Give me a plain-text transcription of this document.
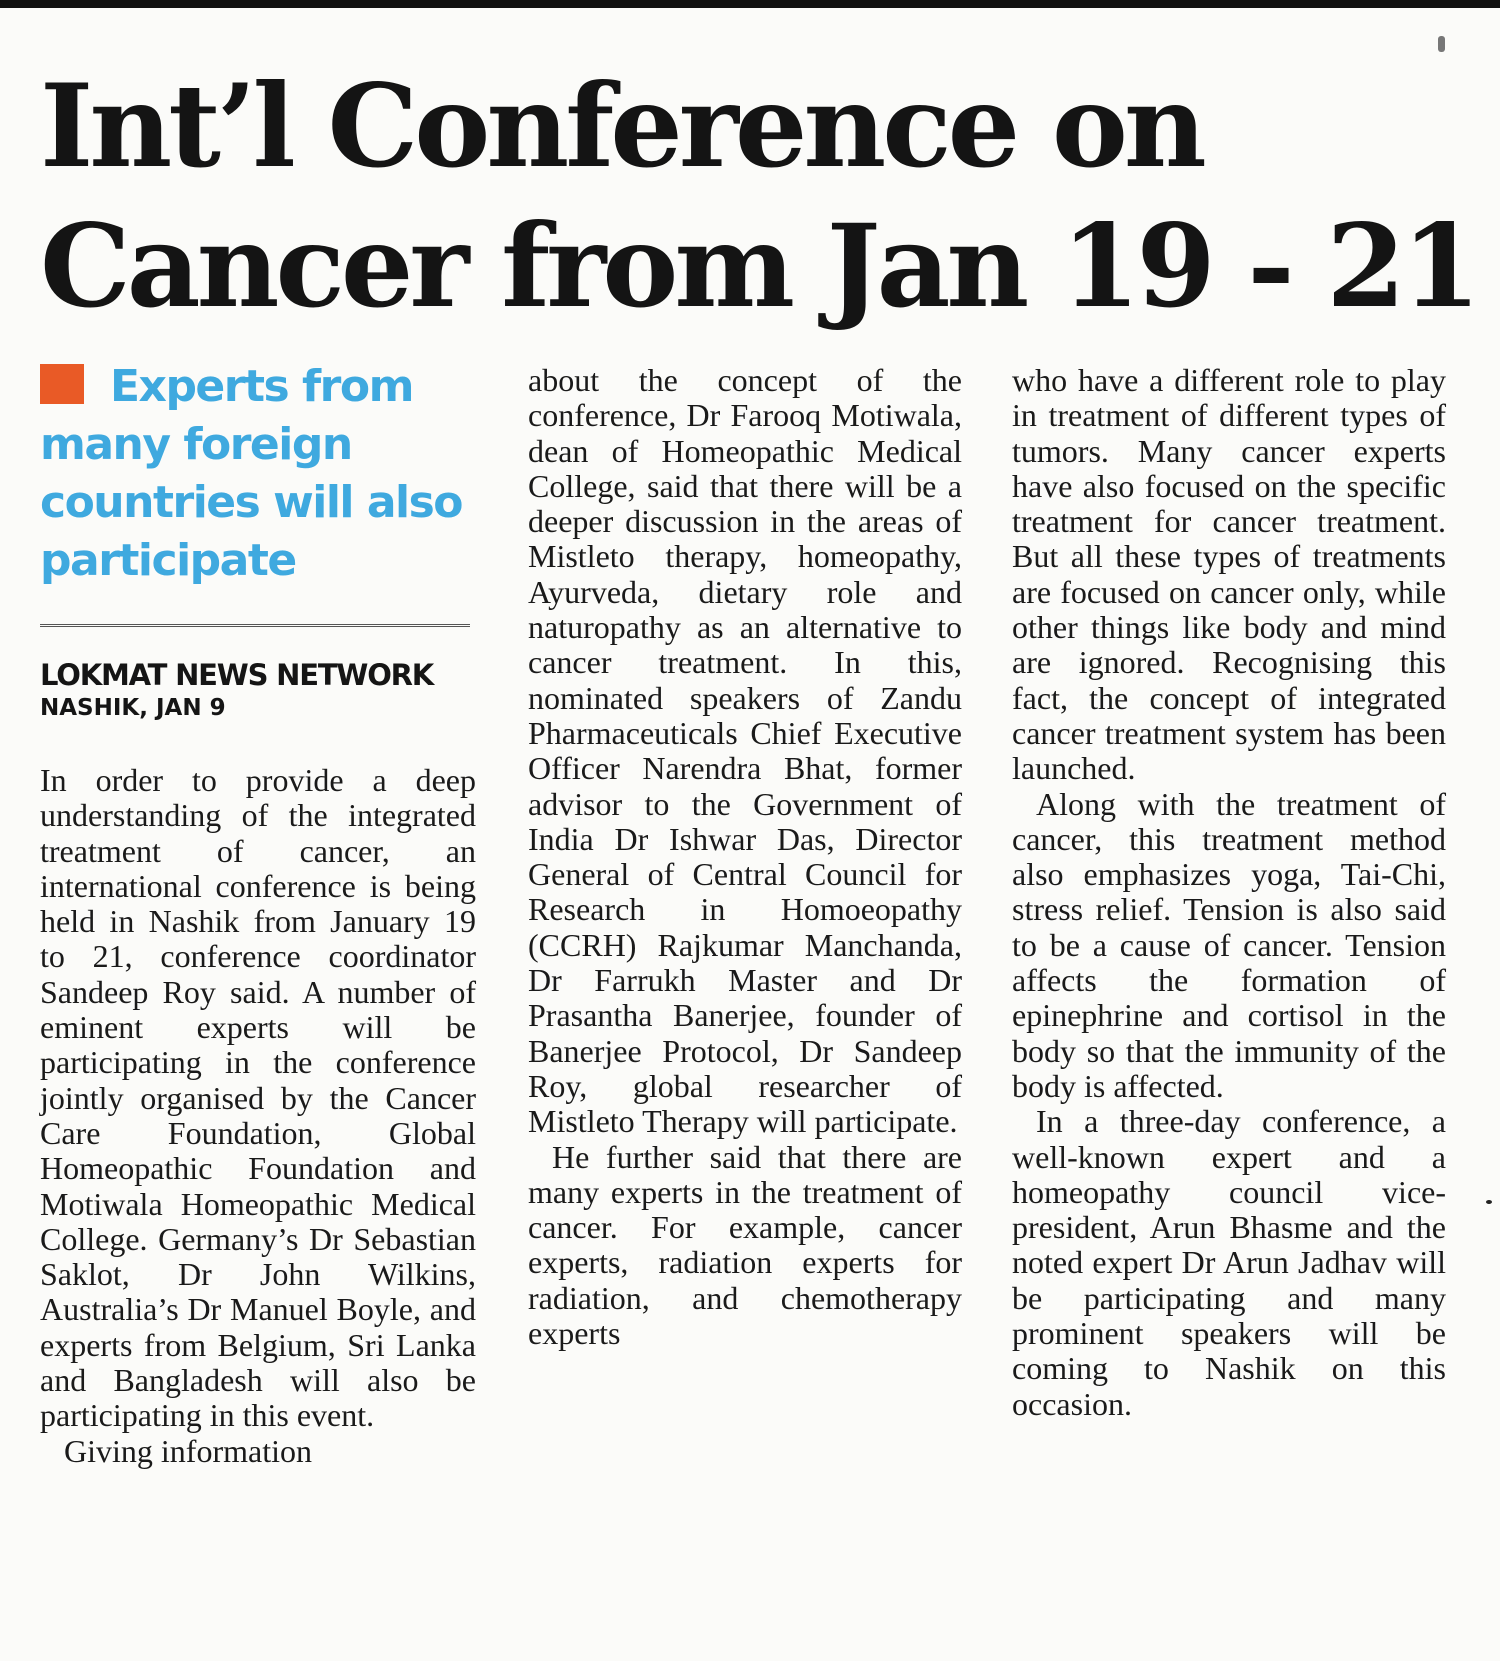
Int’l Conference on
Cancer from Jan 19 - 21

Experts from many foreign countries will also participate

LOKMAT NEWS NETWORK
NASHIK, JAN 9

In order to provide a deep understanding of the integrated treatment of cancer, an international conference is being held in Nashik from January 19 to 21, conference coordinator Sandeep Roy said. A number of eminent experts will be participating in the conference jointly organised by the Cancer Care Foundation, Global Homeopathic Foundation and Motiwala Homeopathic Medical College. Germany’s Dr Sebastian Saklot, Dr John Wilkins, Australia’s Dr Manuel Boyle, and experts from Belgium, Sri Lanka and Bangladesh will also be participating in this event.

Giving information

about the concept of the conference, Dr Farooq Motiwala, dean of Homeopathic Medical College, said that there will be a deeper discussion in the areas of Mistleto therapy, homeopathy, Ayurveda, dietary role and naturopathy as an alternative to cancer treatment. In this, nominated speakers of Zandu Pharmaceuticals Chief Executive Officer Narendra Bhat, former advisor to the Government of India Dr Ishwar Das, Director General of Central Council for Research in Homoeopathy (CCRH) Rajkumar Manchanda, Dr Farrukh Master and Dr Prasantha Banerjee, founder of Banerjee Protocol, Dr Sandeep Roy, global researcher of Mistleto Therapy will participate.

He further said that there are many experts in the treatment of cancer. For example, cancer experts, radiation experts for radiation, and chemotherapy experts

who have a different role to play in treatment of different types of tumors. Many cancer experts have also focused on the specific treatment for cancer treatment. But all these types of treatments are focused on cancer only, while other things like body and mind are ignored. Recognising this fact, the concept of integrated cancer treatment system has been launched.

Along with the treatment of cancer, this treatment method also emphasizes yoga, Tai-Chi, stress relief. Tension is also said to be a cause of cancer. Tension affects the formation of epinephrine and cortisol in the body so that the immunity of the body is affected.

In a three-day conference, a well-known expert and a homeopathy council vice-president, Arun Bhasme and the noted expert Dr Arun Jadhav will be participating and many prominent speakers will be coming to Nashik on this occasion.
